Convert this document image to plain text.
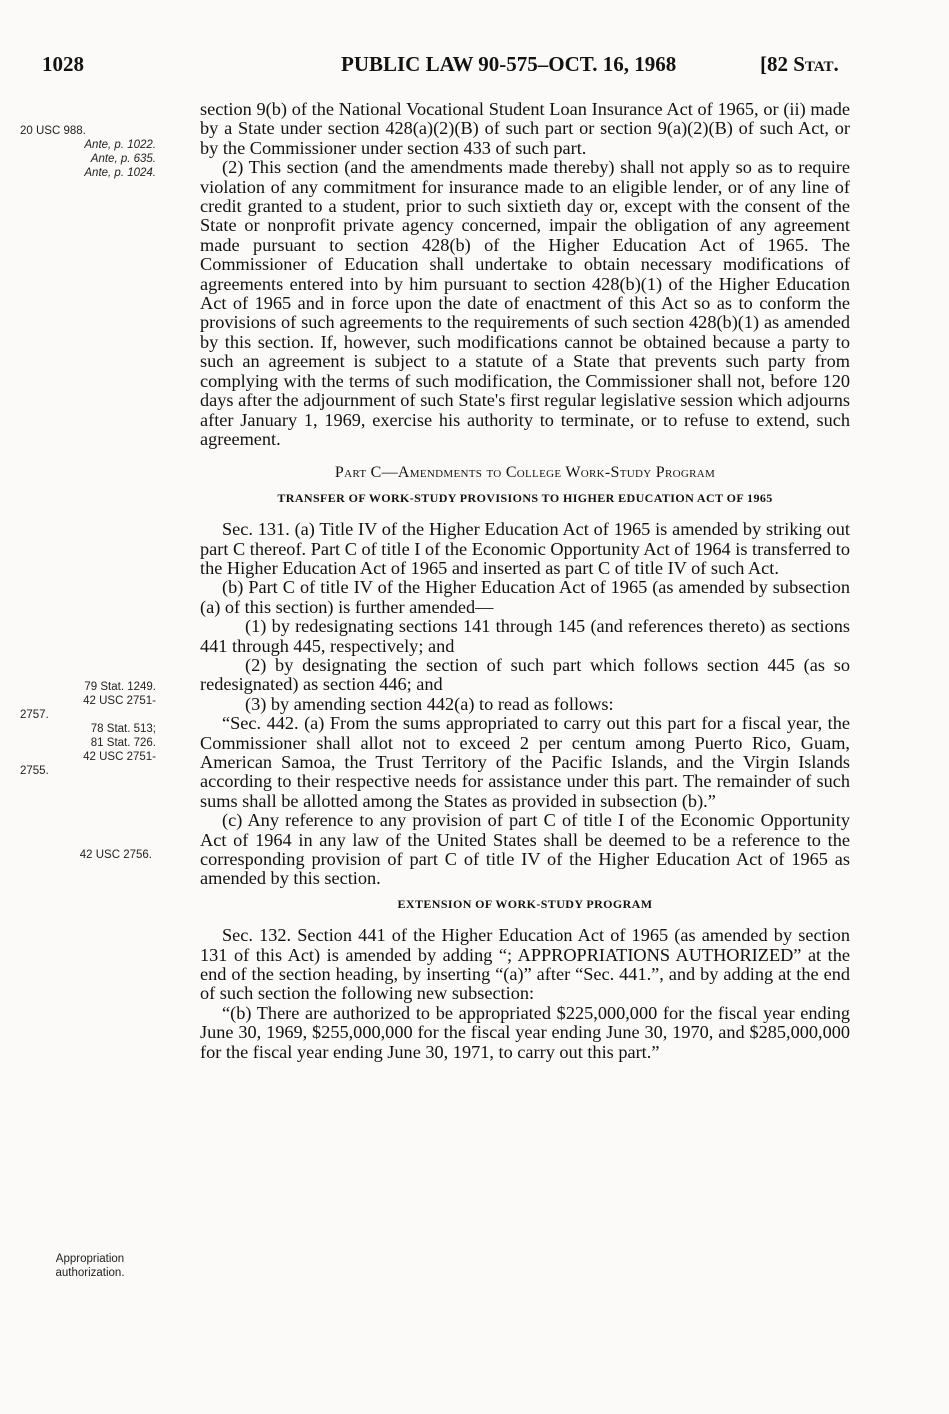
1028	PUBLIC LAW 90-575–OCT. 16, 1968	[82 Stat.
20 USC 988.
Ante, p. 1022.
Ante, p. 635.
Ante, p. 1024.
79 Stat. 1249.
42 USC 2751-
2757.
78 Stat. 513;
81 Stat. 726.
42 USC 2751-
2755.
42 USC 2756.
Appropriation
authorization.

section 9(b) of the National Vocational Student Loan Insurance Act of 1965, or (ii) made by a State under section 428(a)(2)(B) of such part or section 9(a)(2)(B) of such Act, or by the Commissioner under section 433 of such part.

(2) This section (and the amendments made thereby) shall not apply so as to require violation of any commitment for insurance made to an eligible lender, or of any line of credit granted to a student, prior to such sixtieth day or, except with the consent of the State or nonprofit private agency concerned, impair the obligation of any agreement made pursuant to section 428(b) of the Higher Education Act of 1965. The Commissioner of Education shall undertake to obtain necessary modifications of agreements entered into by him pursuant to section 428(b)(1) of the Higher Education Act of 1965 and in force upon the date of enactment of this Act so as to conform the provisions of such agreements to the requirements of such section 428(b)(1) as amended by this section. If, however, such modifications cannot be obtained because a party to such an agreement is subject to a statute of a State that prevents such party from complying with the terms of such modification, the Commissioner shall not, before 120 days after the adjournment of such State's first regular legislative session which adjourns after January 1, 1969, exercise his authority to terminate, or to refuse to extend, such agreement.

Part C—Amendments to College Work-Study Program
TRANSFER OF WORK-STUDY PROVISIONS TO HIGHER EDUCATION ACT OF 1965

Sec. 131. (a) Title IV of the Higher Education Act of 1965 is amended by striking out part C thereof. Part C of title I of the Economic Opportunity Act of 1964 is transferred to the Higher Education Act of 1965 and inserted as part C of title IV of such Act.

(b) Part C of title IV of the Higher Education Act of 1965 (as amended by subsection (a) of this section) is further amended—

(1) by redesignating sections 141 through 145 (and references thereto) as sections 441 through 445, respectively; and

(2) by designating the section of such part which follows section 445 (as so redesignated) as section 446; and

(3) by amending section 442(a) to read as follows:

“Sec. 442. (a) From the sums appropriated to carry out this part for a fiscal year, the Commissioner shall allot not to exceed 2 per centum among Puerto Rico, Guam, American Samoa, the Trust Territory of the Pacific Islands, and the Virgin Islands according to their respective needs for assistance under this part. The remainder of such sums shall be allotted among the States as provided in subsection (b).”

(c) Any reference to any provision of part C of title I of the Economic Opportunity Act of 1964 in any law of the United States shall be deemed to be a reference to the corresponding provision of part C of title IV of the Higher Education Act of 1965 as amended by this section.

EXTENSION OF WORK-STUDY PROGRAM

Sec. 132. Section 441 of the Higher Education Act of 1965 (as amended by section 131 of this Act) is amended by adding “; APPROPRIATIONS AUTHORIZED” at the end of the section heading, by inserting “(a)” after “Sec. 441.”, and by adding at the end of such section the following new subsection:

“(b) There are authorized to be appropriated $225,000,000 for the fiscal year ending June 30, 1969, $255,000,000 for the fiscal year ending June 30, 1970, and $285,000,000 for the fiscal year ending June 30, 1971, to carry out this part.”
